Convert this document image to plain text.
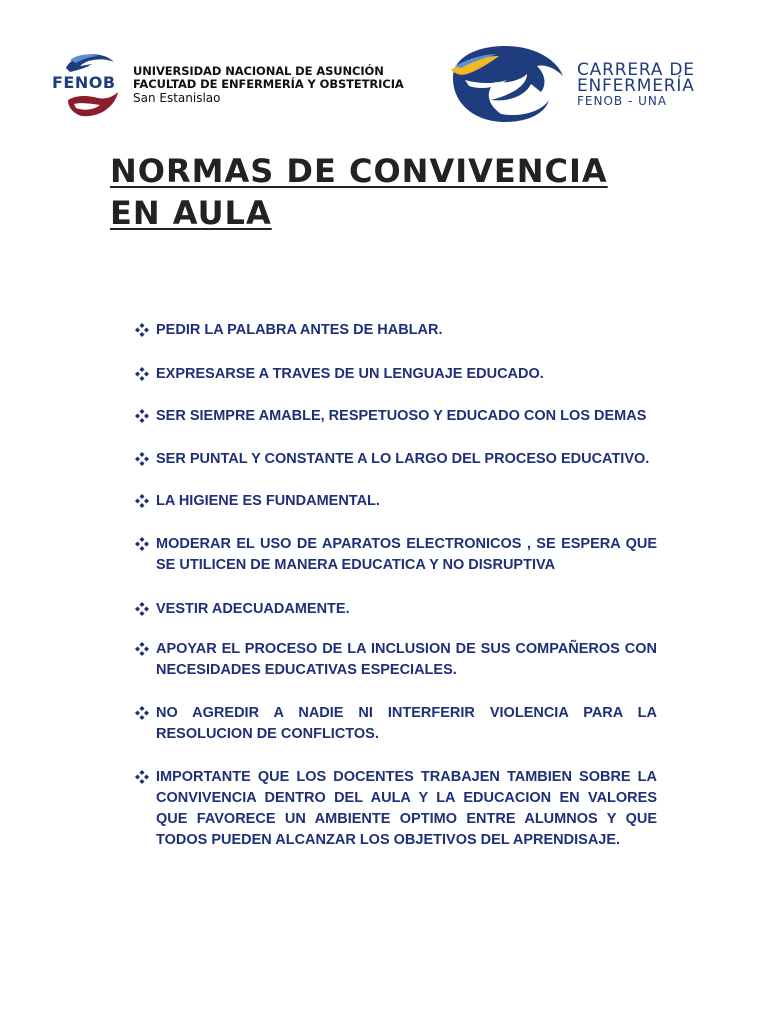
FENOB
UNIVERSIDAD NACIONAL DE ASUNCIÓN
FACULTAD DE ENFERMERÍA Y OBSTETRICIA
San Estanislao
CARRERA DE
ENFERMERÍA
FENOB - UNA
NORMAS DE CONVIVENCIA
EN AULA
PEDIR LA PALABRA ANTES DE HABLAR.
EXPRESARSE A TRAVES DE UN LENGUAJE EDUCADO.
SER SIEMPRE AMABLE, RESPETUOSO Y EDUCADO CON LOS DEMAS
SER PUNTAL Y CONSTANTE A LO LARGO DEL PROCESO EDUCATIVO.
LA HIGIENE ES FUNDAMENTAL.
MODERAR EL USO DE APARATOS ELECTRONICOS , SE ESPERA QUE SE UTILICEN DE MANERA EDUCATICA Y NO DISRUPTIVA
VESTIR ADECUADAMENTE.
APOYAR EL PROCESO DE LA INCLUSION DE SUS COMPAÑEROS CON NECESIDADES EDUCATIVAS ESPECIALES.
NO AGREDIR A NADIE NI INTERFERIR VIOLENCIA PARA LA RESOLUCION DE CONFLICTOS.
IMPORTANTE QUE LOS DOCENTES TRABAJEN TAMBIEN SOBRE LA CONVIVENCIA DENTRO DEL AULA Y LA EDUCACION EN VALORES QUE FAVORECE UN AMBIENTE OPTIMO ENTRE ALUMNOS Y QUE TODOS PUEDEN ALCANZAR LOS OBJETIVOS DEL APRENDISAJE.
